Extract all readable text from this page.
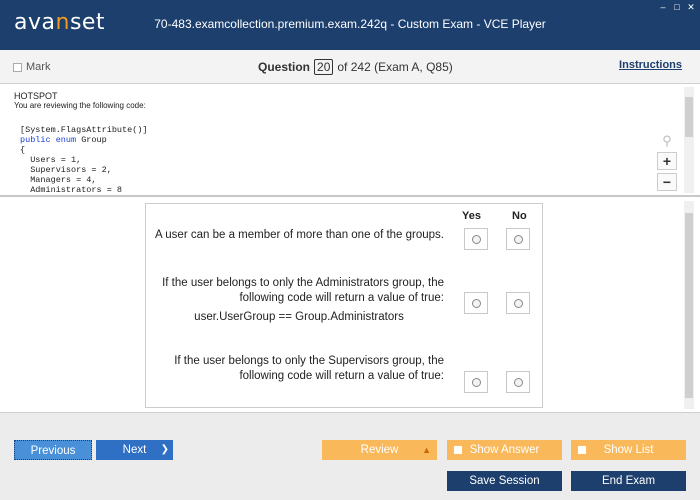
avanset	70-483.examcollection.premium.exam.242q - Custom Exam - VCE Player
– □ ✕
Mark	Question 20 of 242 (Exam A, Q85)	Instructions
HOTSPOT
You are reviewing the following code:
[System.FlagsAttribute()]
public enum Group
{
Users = 1,
Supervisors = 2,
Managers = 4,
Administrators = 8
⚲
+
−
Yes	No
A user can be a member of more than one of the groups.
If the user belongs to only the Administrators group, the following code will return a value of true:
user.UserGroup == Group.Administrators
If the user belongs to only the Supervisors group, the following code will return a value of true:
Previous	Next ❯	Review	▲	Show Answer	Show List
Save Session	End Exam
